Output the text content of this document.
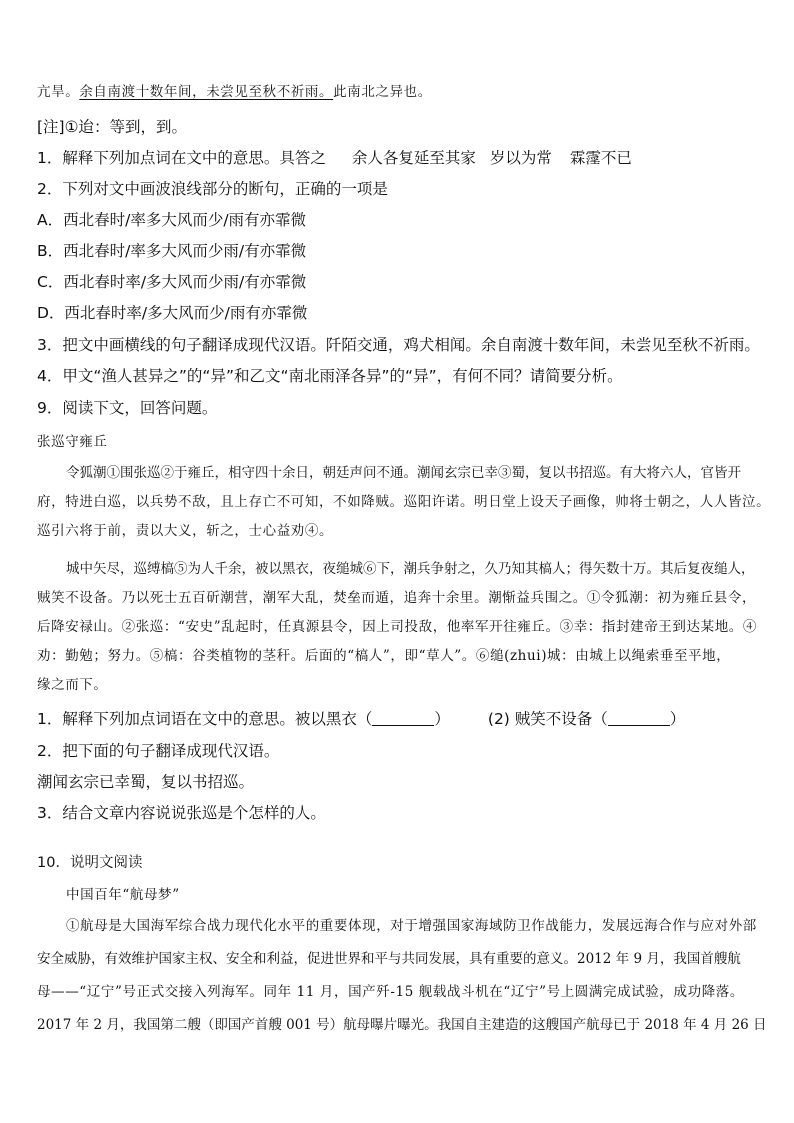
亢旱。余自南渡十数年间，未尝见至秋不祈雨。此南北之异也。
[注]①迨：等到，到。
1．解释下列加点词在文中的意思。具答之 余人各复延至其家 岁以为常 霖霪不已
2．下列对文中画波浪线部分的断句，正确的一项是
A．西北春时/率多大风而少/雨有亦霏微
B．西北春时/率多大风而少雨/有亦霏微
C．西北春时率/多大风而少雨/有亦霏微
D．西北春时率/多大风而少/雨有亦霏微
3．把文中画横线的句子翻译成现代汉语。阡陌交通，鸡犬相闻。余自南渡十数年间，未尝见至秋不祈雨。
4．甲文“渔人甚异之”的“异”和乙文“南北雨泽各异”的“异”，有何不同？请简要分析。
9．阅读下文，回答问题。
张巡守雍丘
令狐潮①围张巡②于雍丘，相守四十余日，朝廷声问不通。潮闻玄宗已幸③蜀，复以书招巡。有大将六人，官皆开
府，特进白巡，以兵势不敌，且上存亡不可知，不如降贼。巡阳许诺。明日堂上设天子画像，帅将士朝之，人人皆泣。
巡引六将于前，责以大义，斩之，士心益劝④。
城中矢尽，巡缚槁⑤为人千余，被以黑衣，夜缒城⑥下，潮兵争射之，久乃知其槁人；得矢数十万。其后复夜缒人，
贼笑不设备。乃以死士五百斫潮营，潮军大乱，焚垒而遁，追奔十余里。潮惭益兵围之。①令狐潮：初为雍丘县令，
后降安禄山。②张巡：“安史”乱起时，任真源县令，因上司投敌，他率军开往雍丘。③幸：指封建帝王到达某地。④
劝：勤勉；努力。⑤槁：谷类植物的茎秆。后面的“槁人”，即“草人”。⑥缒(zhui)城：由城上以绳索垂至平地，
缘之而下。
1．解释下列加点词语在文中的意思。被以黑衣（	） (2) 贼笑不设备（	）
2．把下面的句子翻译成现代汉语。
潮闻玄宗已幸蜀，复以书招巡。
3．结合文章内容说说张巡是个怎样的人。
10．说明文阅读
中国百年“航母梦”
①航母是大国海军综合战力现代化水平的重要体现，对于增强国家海域防卫作战能力，发展远海合作与应对外部
安全威胁，有效维护国家主权、安全和利益，促进世界和平与共同发展，具有重要的意义。2012 年 9 月，我国首艘航
母——“辽宁”号正式交接入列海军。同年 11 月，国产歼-15 舰载战斗机在“辽宁”号上圆满完成试验，成功降落。
2017 年 2 月，我国第二艘（即国产首艘 001 号）航母曝片曝光。我国自主建造的这艘国产航母已于 2018 年 4 月 26 日
